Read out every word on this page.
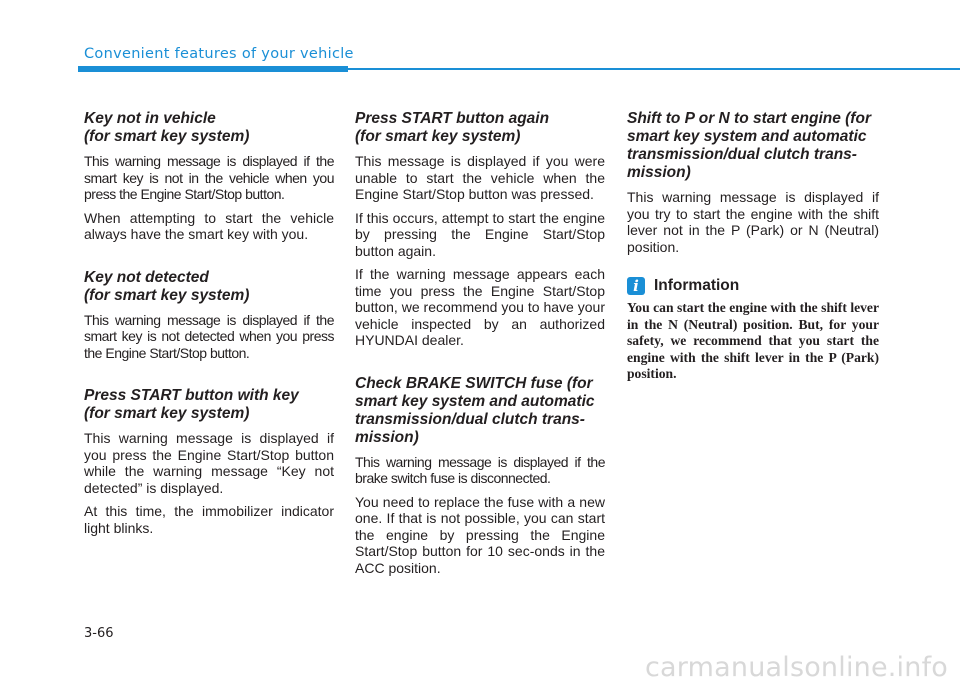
Convenient features of your vehicle
Key not in vehicle
(for smart key system)

This warning message is displayed if the smart key is not in the vehicle when you press the Engine Start/Stop button.

When attempting to start the vehicle always have the smart key with you.

Key not detected
(for smart key system)

This warning message is displayed if the smart key is not detected when you press the Engine Start/Stop button.

Press START button with key
(for smart key system)

This warning message is displayed if you press the Engine Start/Stop button while the warning message “Key not detected” is displayed.

At this time, the immobilizer indicator light blinks.

Press START button again
(for smart key system)

This message is displayed if you were unable to start the vehicle when the Engine Start/Stop button was pressed.

If this occurs, attempt to start the engine by pressing the Engine Start/Stop button again.

If the warning message appears each time you press the Engine Start/Stop button, we recommend you to have your vehicle inspected by an authorized HYUNDAI dealer.

Check BRAKE SWITCH fuse (for smart key system and automatic transmission/dual clutch trans-mission)

This warning message is displayed if the brake switch fuse is disconnected.

You need to replace the fuse with a new one. If that is not possible, you can start the engine by pressing the Engine Start/Stop button for 10 sec-onds in the ACC position.

Shift to P or N to start engine (for smart key system and automatic transmission/dual clutch trans-mission)

This warning message is displayed if you try to start the engine with the shift lever not in the P (Park) or N (Neutral) position.

i Information

You can start the engine with the shift lever in the N (Neutral) position. But, for your safety, we recommend that you start the engine with the shift lever in the P (Park) position.

3-66
carmanualsonline.info
